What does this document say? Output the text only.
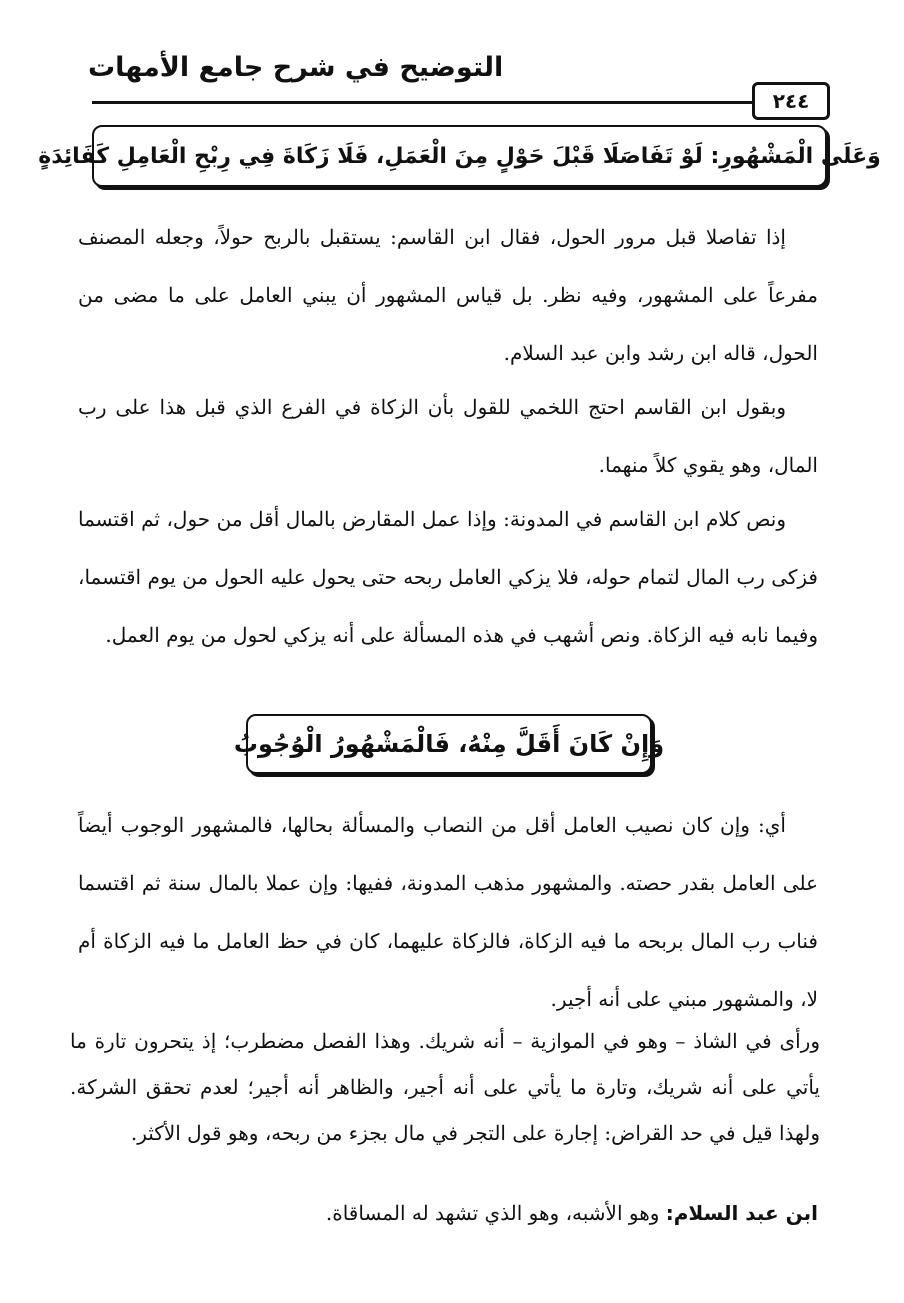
التوضيح في شرح جامع الأمهات
٢٤٤
وَعَلَى الْمَشْهُورِ: لَوْ تَفَاصَلَا قَبْلَ حَوْلٍ مِنَ الْعَمَلِ، فَلَا زَكَاةَ فِي رِبْحِ الْعَامِلِ كَفَائِدَةٍ

إذا تفاصلا قبل مرور الحول، فقال ابن القاسم: يستقبل بالربح حولاً، وجعله المصنف مفرعاً على المشهور، وفيه نظر. بل قياس المشهور أن يبني العامل على ما مضى من الحول، قاله ابن رشد وابن عبد السلام.

وبقول ابن القاسم احتج اللخمي للقول بأن الزكاة في الفرع الذي قبل هذا على رب المال، وهو يقوي كلاً منهما.

ونص كلام ابن القاسم في المدونة: وإذا عمل المقارض بالمال أقل من حول، ثم اقتسما فزكى رب المال لتمام حوله، فلا يزكي العامل ربحه حتى يحول عليه الحول من يوم اقتسما، وفيما نابه فيه الزكاة. ونص أشهب في هذه المسألة على أنه يزكي لحول من يوم العمل.

وَإِنْ كَانَ أَقَلَّ مِنْهُ، فَالْمَشْهُورُ الْوُجُوبُ

أي: وإن كان نصيب العامل أقل من النصاب والمسألة بحالها، فالمشهور الوجوب أيضاً على العامل بقدر حصته. والمشهور مذهب المدونة، ففيها: وإن عملا بالمال سنة ثم اقتسما فناب رب المال بربحه ما فيه الزكاة، فالزكاة عليهما، كان في حظ العامل ما فيه الزكاة أم لا، والمشهور مبني على أنه أجير.

ورأى في الشاذ – وهو في الموازية – أنه شريك. وهذا الفصل مضطرب؛ إذ يتحرون تارة ما يأتي على أنه شريك، وتارة ما يأتي على أنه أجير، والظاهر أنه أجير؛ لعدم تحقق الشركة. ولهذا قيل في حد القراض: إجارة على التجر في مال بجزء من ربحه، وهو قول الأكثر.

ابن عبد السلام: وهو الأشبه، وهو الذي تشهد له المساقاة.
